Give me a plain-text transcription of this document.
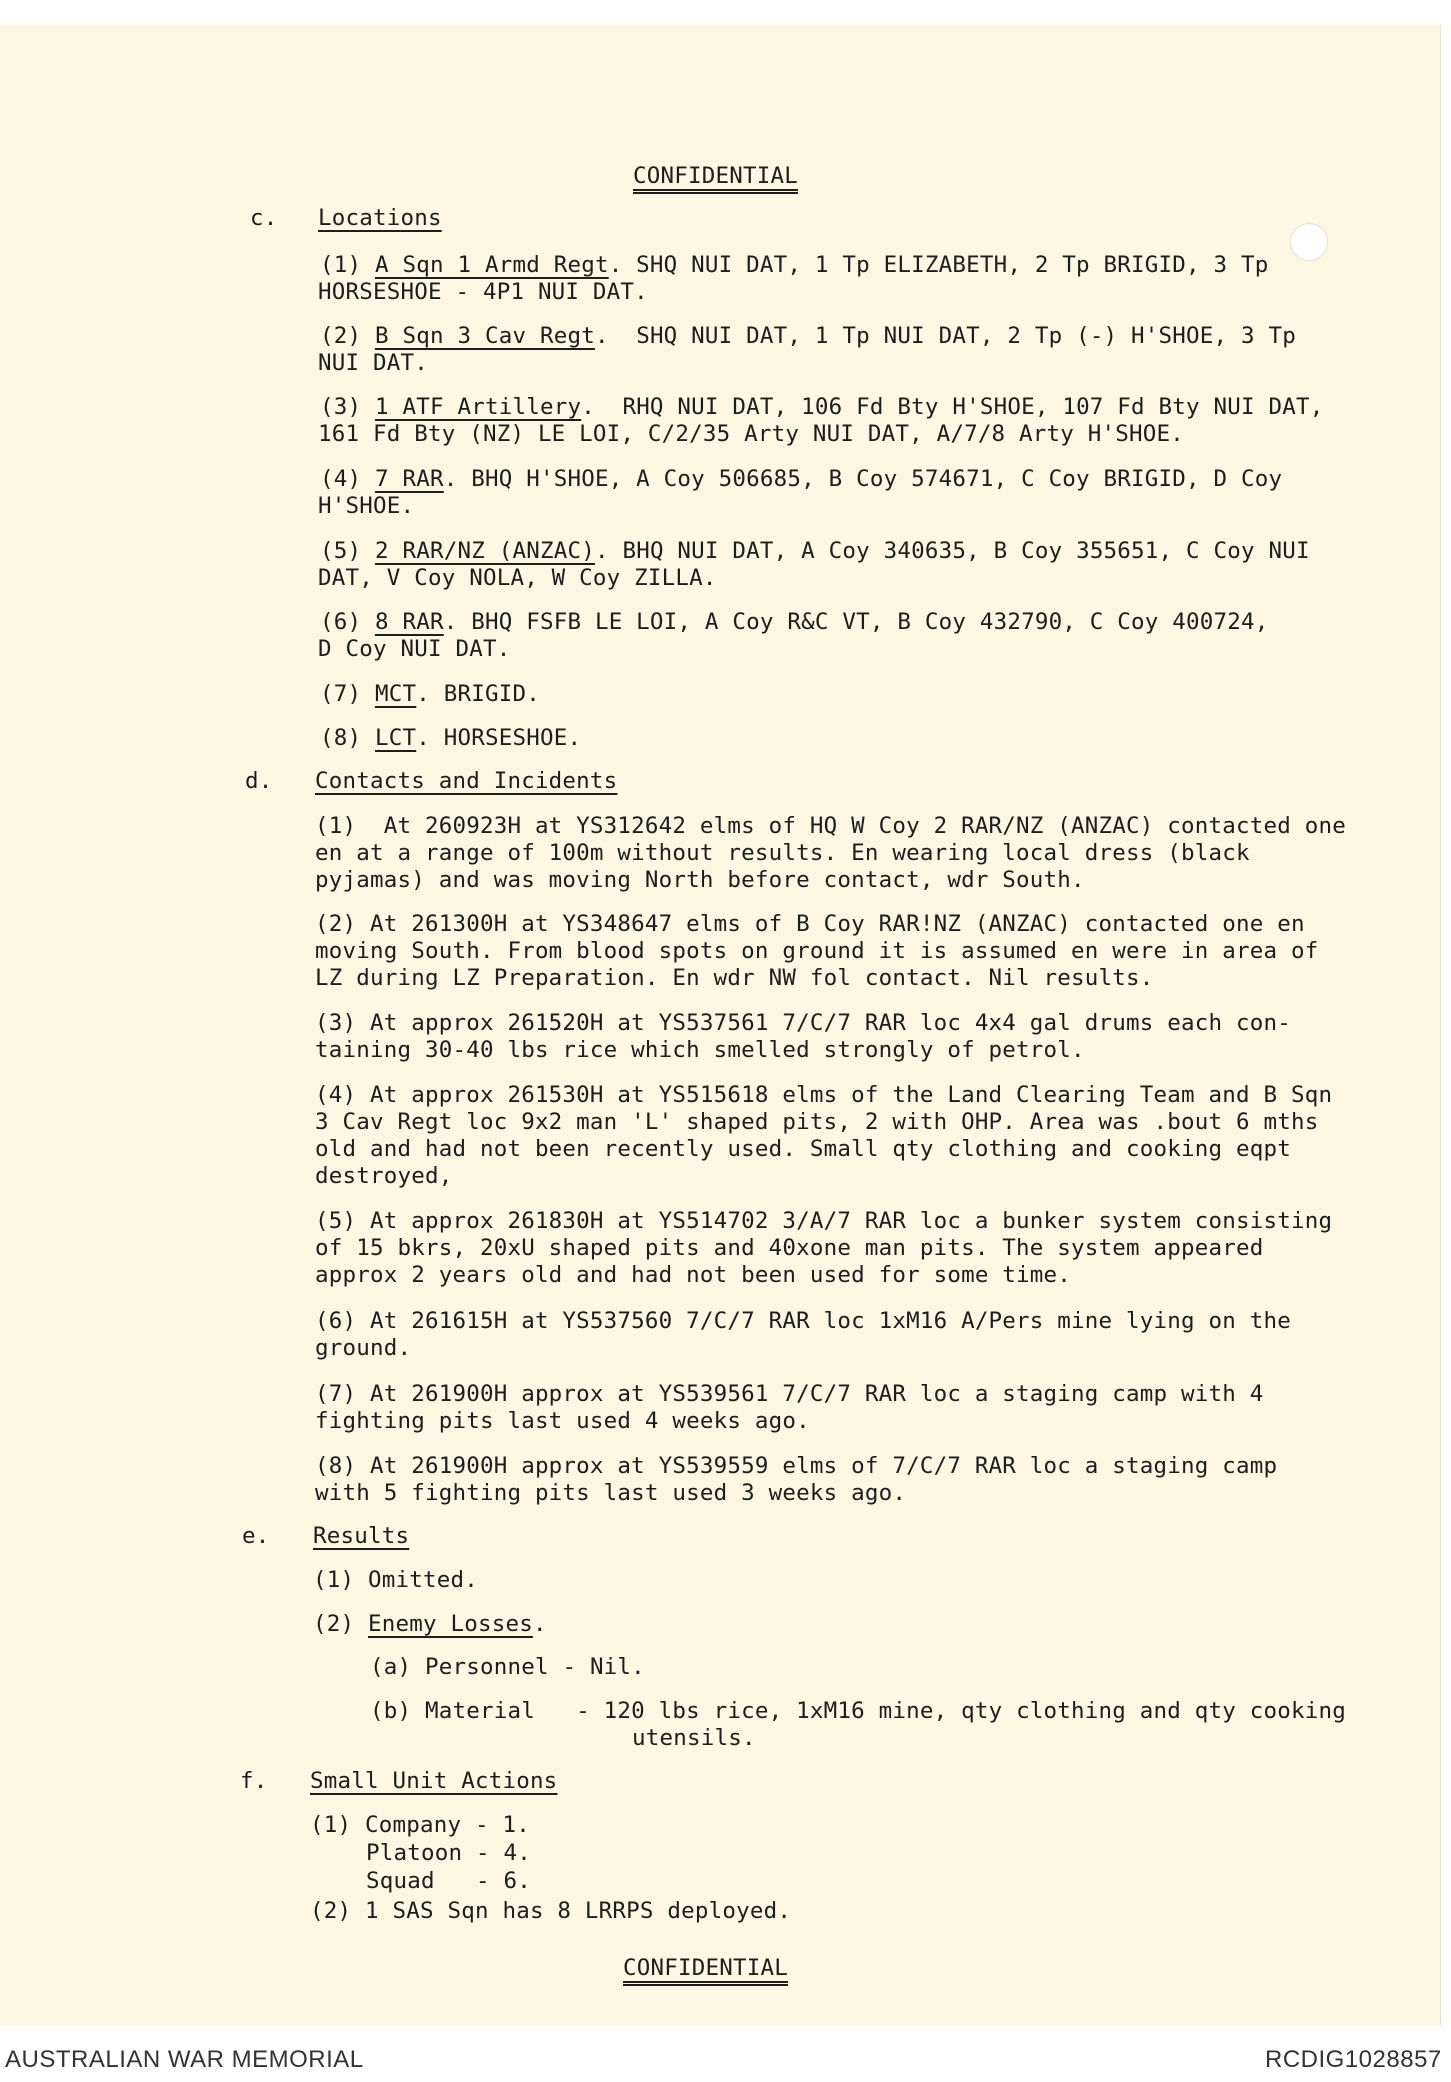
CONFIDENTIAL
c. Locations
(1) A Sqn 1 Armd Regt. SHQ NUI DAT, 1 Tp ELIZABETH, 2 Tp BRIGID, 3 Tp
HORSESHOE - 4P1 NUI DAT.
(2) B Sqn 3 Cav Regt.  SHQ NUI DAT, 1 Tp NUI DAT, 2 Tp (-) H'SHOE, 3 Tp
NUI DAT.
(3) 1 ATF Artillery.  RHQ NUI DAT, 106 Fd Bty H'SHOE, 107 Fd Bty NUI DAT,
161 Fd Bty (NZ) LE LOI, C/2/35 Arty NUI DAT, A/7/8 Arty H'SHOE.
(4) 7 RAR. BHQ H'SHOE, A Coy 506685, B Coy 574671, C Coy BRIGID, D Coy
H'SHOE.
(5) 2 RAR/NZ (ANZAC). BHQ NUI DAT, A Coy 340635, B Coy 355651, C Coy NUI
DAT, V Coy NOLA, W Coy ZILLA.
(6) 8 RAR. BHQ FSFB LE LOI, A Coy R&C VT, B Coy 432790, C Coy 400724,
D Coy NUI DAT.
(7) MCT. BRIGID.
(8) LCT. HORSESHOE.
d. Contacts and Incidents
(1)  At 260923H at YS312642 elms of HQ W Coy 2 RAR/NZ (ANZAC) contacted one
en at a range of 100m without results. En wearing local dress (black
pyjamas) and was moving North before contact, wdr South.
(2) At 261300H at YS348647 elms of B Coy RAR!NZ (ANZAC) contacted one en
moving South. From blood spots on ground it is assumed en were in area of
LZ during LZ Preparation. En wdr NW fol contact. Nil results.
(3) At approx 261520H at YS537561 7/C/7 RAR loc 4x4 gal drums each con-
taining 30-40 lbs rice which smelled strongly of petrol.
(4) At approx 261530H at YS515618 elms of the Land Clearing Team and B Sqn
3 Cav Regt loc 9x2 man 'L' shaped pits, 2 with OHP. Area was .bout 6 mths
old and had not been recently used. Small qty clothing and cooking eqpt
destroyed,
(5) At approx 261830H at YS514702 3/A/7 RAR loc a bunker system consisting
of 15 bkrs, 20xU shaped pits and 40xone man pits. The system appeared
approx 2 years old and had not been used for some time.
(6) At 261615H at YS537560 7/C/7 RAR loc 1xM16 A/Pers mine lying on the
ground.
(7) At 261900H approx at YS539561 7/C/7 RAR loc a staging camp with 4
fighting pits last used 4 weeks ago.
(8) At 261900H approx at YS539559 elms of 7/C/7 RAR loc a staging camp
with 5 fighting pits last used 3 weeks ago.
e. Results
(1) Omitted.
(2) Enemy Losses.
(a) Personnel - Nil.
(b) Material   - 120 lbs rice, 1xM16 mine, qty clothing and qty cooking
utensils.
f. Small Unit Actions
(1) Company - 1.
Platoon - 4.
Squad   - 6.
(2) 1 SAS Sqn has 8 LRRPS deployed.
CONFIDENTIAL
AUSTRALIAN WAR MEMORIAL	RCDIG1028857
